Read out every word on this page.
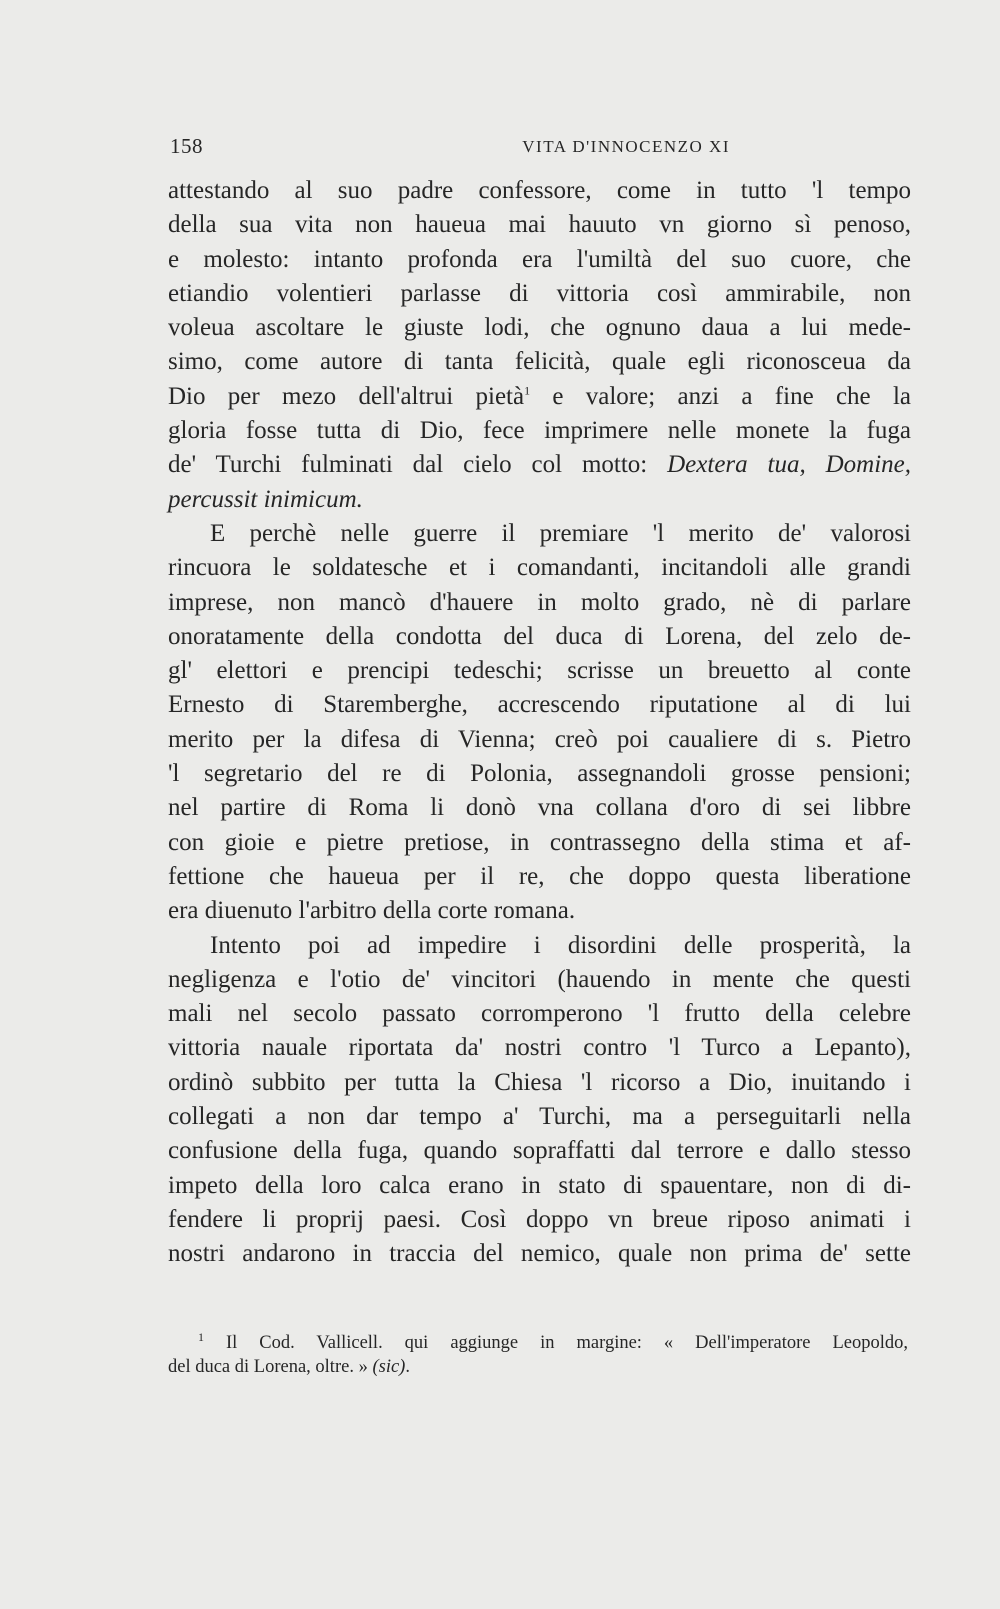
158	VITA D'INNOCENZO XI
attestando al suo padre confessore, come in tutto 'l tempo
della sua vita non haueua mai hauuto vn giorno sì penoso,
e molesto: intanto profonda era l'umiltà del suo cuore, che
etiandio volentieri parlasse di vittoria così ammirabile, non
voleua ascoltare le giuste lodi, che ognuno daua a lui mede-
simo, come autore di tanta felicità, quale egli riconosceua da
Dio per mezo dell'altrui pietà$^1$ e valore; anzi a fine che la
gloria fosse tutta di Dio, fece imprimere nelle monete la fuga
de' Turchi fulminati dal cielo col motto: Dextera tua, Domine,
percussit inimicum.
E perchè nelle guerre il premiare 'l merito de' valorosi
rincuora le soldatesche et i comandanti, incitandoli alle grandi
imprese, non mancò d'hauere in molto grado, nè di parlare
onoratamente della condotta del duca di Lorena, del zelo de-
gl' elettori e prencipi tedeschi; scrisse un breuetto al conte
Ernesto di Staremberghe, accrescendo riputatione al di lui
merito per la difesa di Vienna; creò poi caualiere di s. Pietro
'l segretario del re di Polonia, assegnandoli grosse pensioni;
nel partire di Roma li donò vna collana d'oro di sei libbre
con gioie e pietre pretiose, in contrassegno della stima et af-
fettione che haueua per il re, che doppo questa liberatione
era diuenuto l'arbitro della corte romana.
Intento poi ad impedire i disordini delle prosperità, la
negligenza e l'otio de' vincitori (hauendo in mente che questi
mali nel secolo passato corromperono 'l frutto della celebre
vittoria nauale riportata da' nostri contro 'l Turco a Lepanto),
ordinò subbito per tutta la Chiesa 'l ricorso a Dio, inuitando i
collegati a non dar tempo a' Turchi, ma a perseguitarli nella
confusione della fuga, quando sopraffatti dal terrore e dallo stesso
impeto della loro calca erano in stato di spauentare, non di di-
fendere li proprij paesi. Così doppo vn breue riposo animati i
nostri andarono in traccia del nemico, quale non prima de' sette
$^1$ Il Cod. Vallicell. qui aggiunge in margine: « Dell'imperatore Leopoldo,
del duca di Lorena, oltre. » (sic).
